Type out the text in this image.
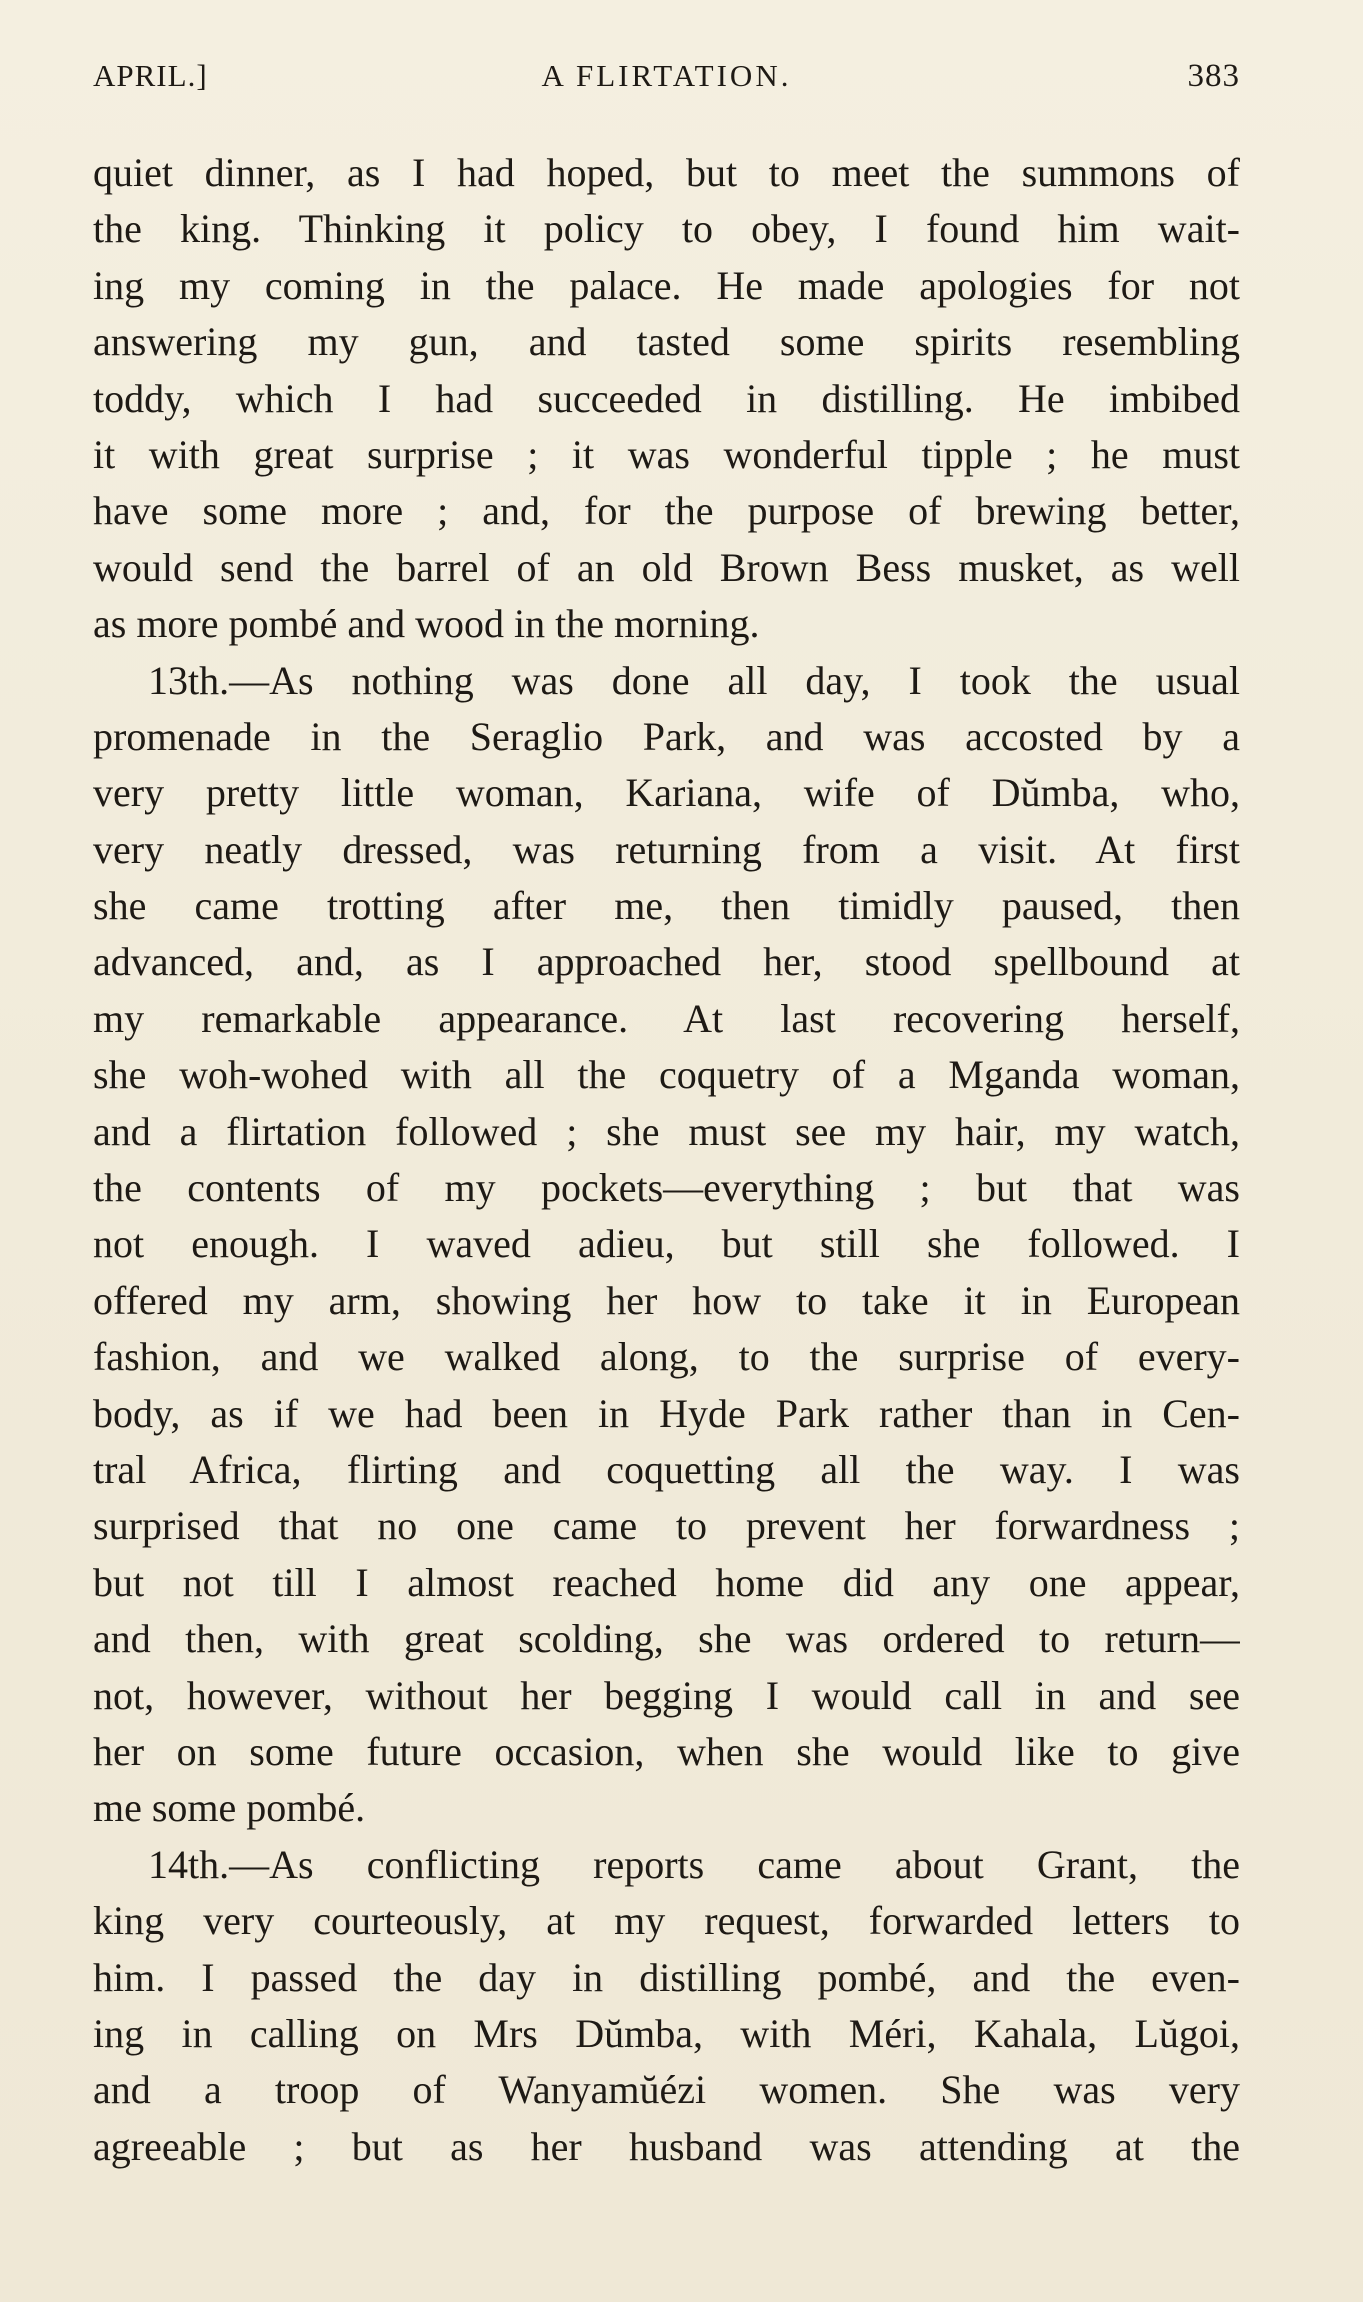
APRIL.]	A FLIRTATION.	383
quiet dinner, as I had hoped, but to meet the summons of
the king. Thinking it policy to obey, I found him wait-
ing my coming in the palace. He made apologies for not
answering my gun, and tasted some spirits resembling
toddy, which I had succeeded in distilling. He imbibed
it with great surprise ; it was wonderful tipple ; he must
have some more ; and, for the purpose of brewing better,
would send the barrel of an old Brown Bess musket, as well
as more pombé and wood in the morning.
13th.—As nothing was done all day, I took the usual
promenade in the Seraglio Park, and was accosted by a
very pretty little woman, Kariana, wife of Dŭmba, who,
very neatly dressed, was returning from a visit. At first
she came trotting after me, then timidly paused, then
advanced, and, as I approached her, stood spellbound at
my remarkable appearance. At last recovering herself,
she woh-wohed with all the coquetry of a Mganda woman,
and a flirtation followed ; she must see my hair, my watch,
the contents of my pockets—everything ; but that was
not enough. I waved adieu, but still she followed. I
offered my arm, showing her how to take it in European
fashion, and we walked along, to the surprise of every-
body, as if we had been in Hyde Park rather than in Cen-
tral Africa, flirting and coquetting all the way. I was
surprised that no one came to prevent her forwardness ;
but not till I almost reached home did any one appear,
and then, with great scolding, she was ordered to return—
not, however, without her begging I would call in and see
her on some future occasion, when she would like to give
me some pombé.
14th.—As conflicting reports came about Grant, the
king very courteously, at my request, forwarded letters to
him. I passed the day in distilling pombé, and the even-
ing in calling on Mrs Dŭmba, with Méri, Kahala, Lŭgoi,
and a troop of Wanyamŭézi women. She was very
agreeable ; but as her husband was attending at the
